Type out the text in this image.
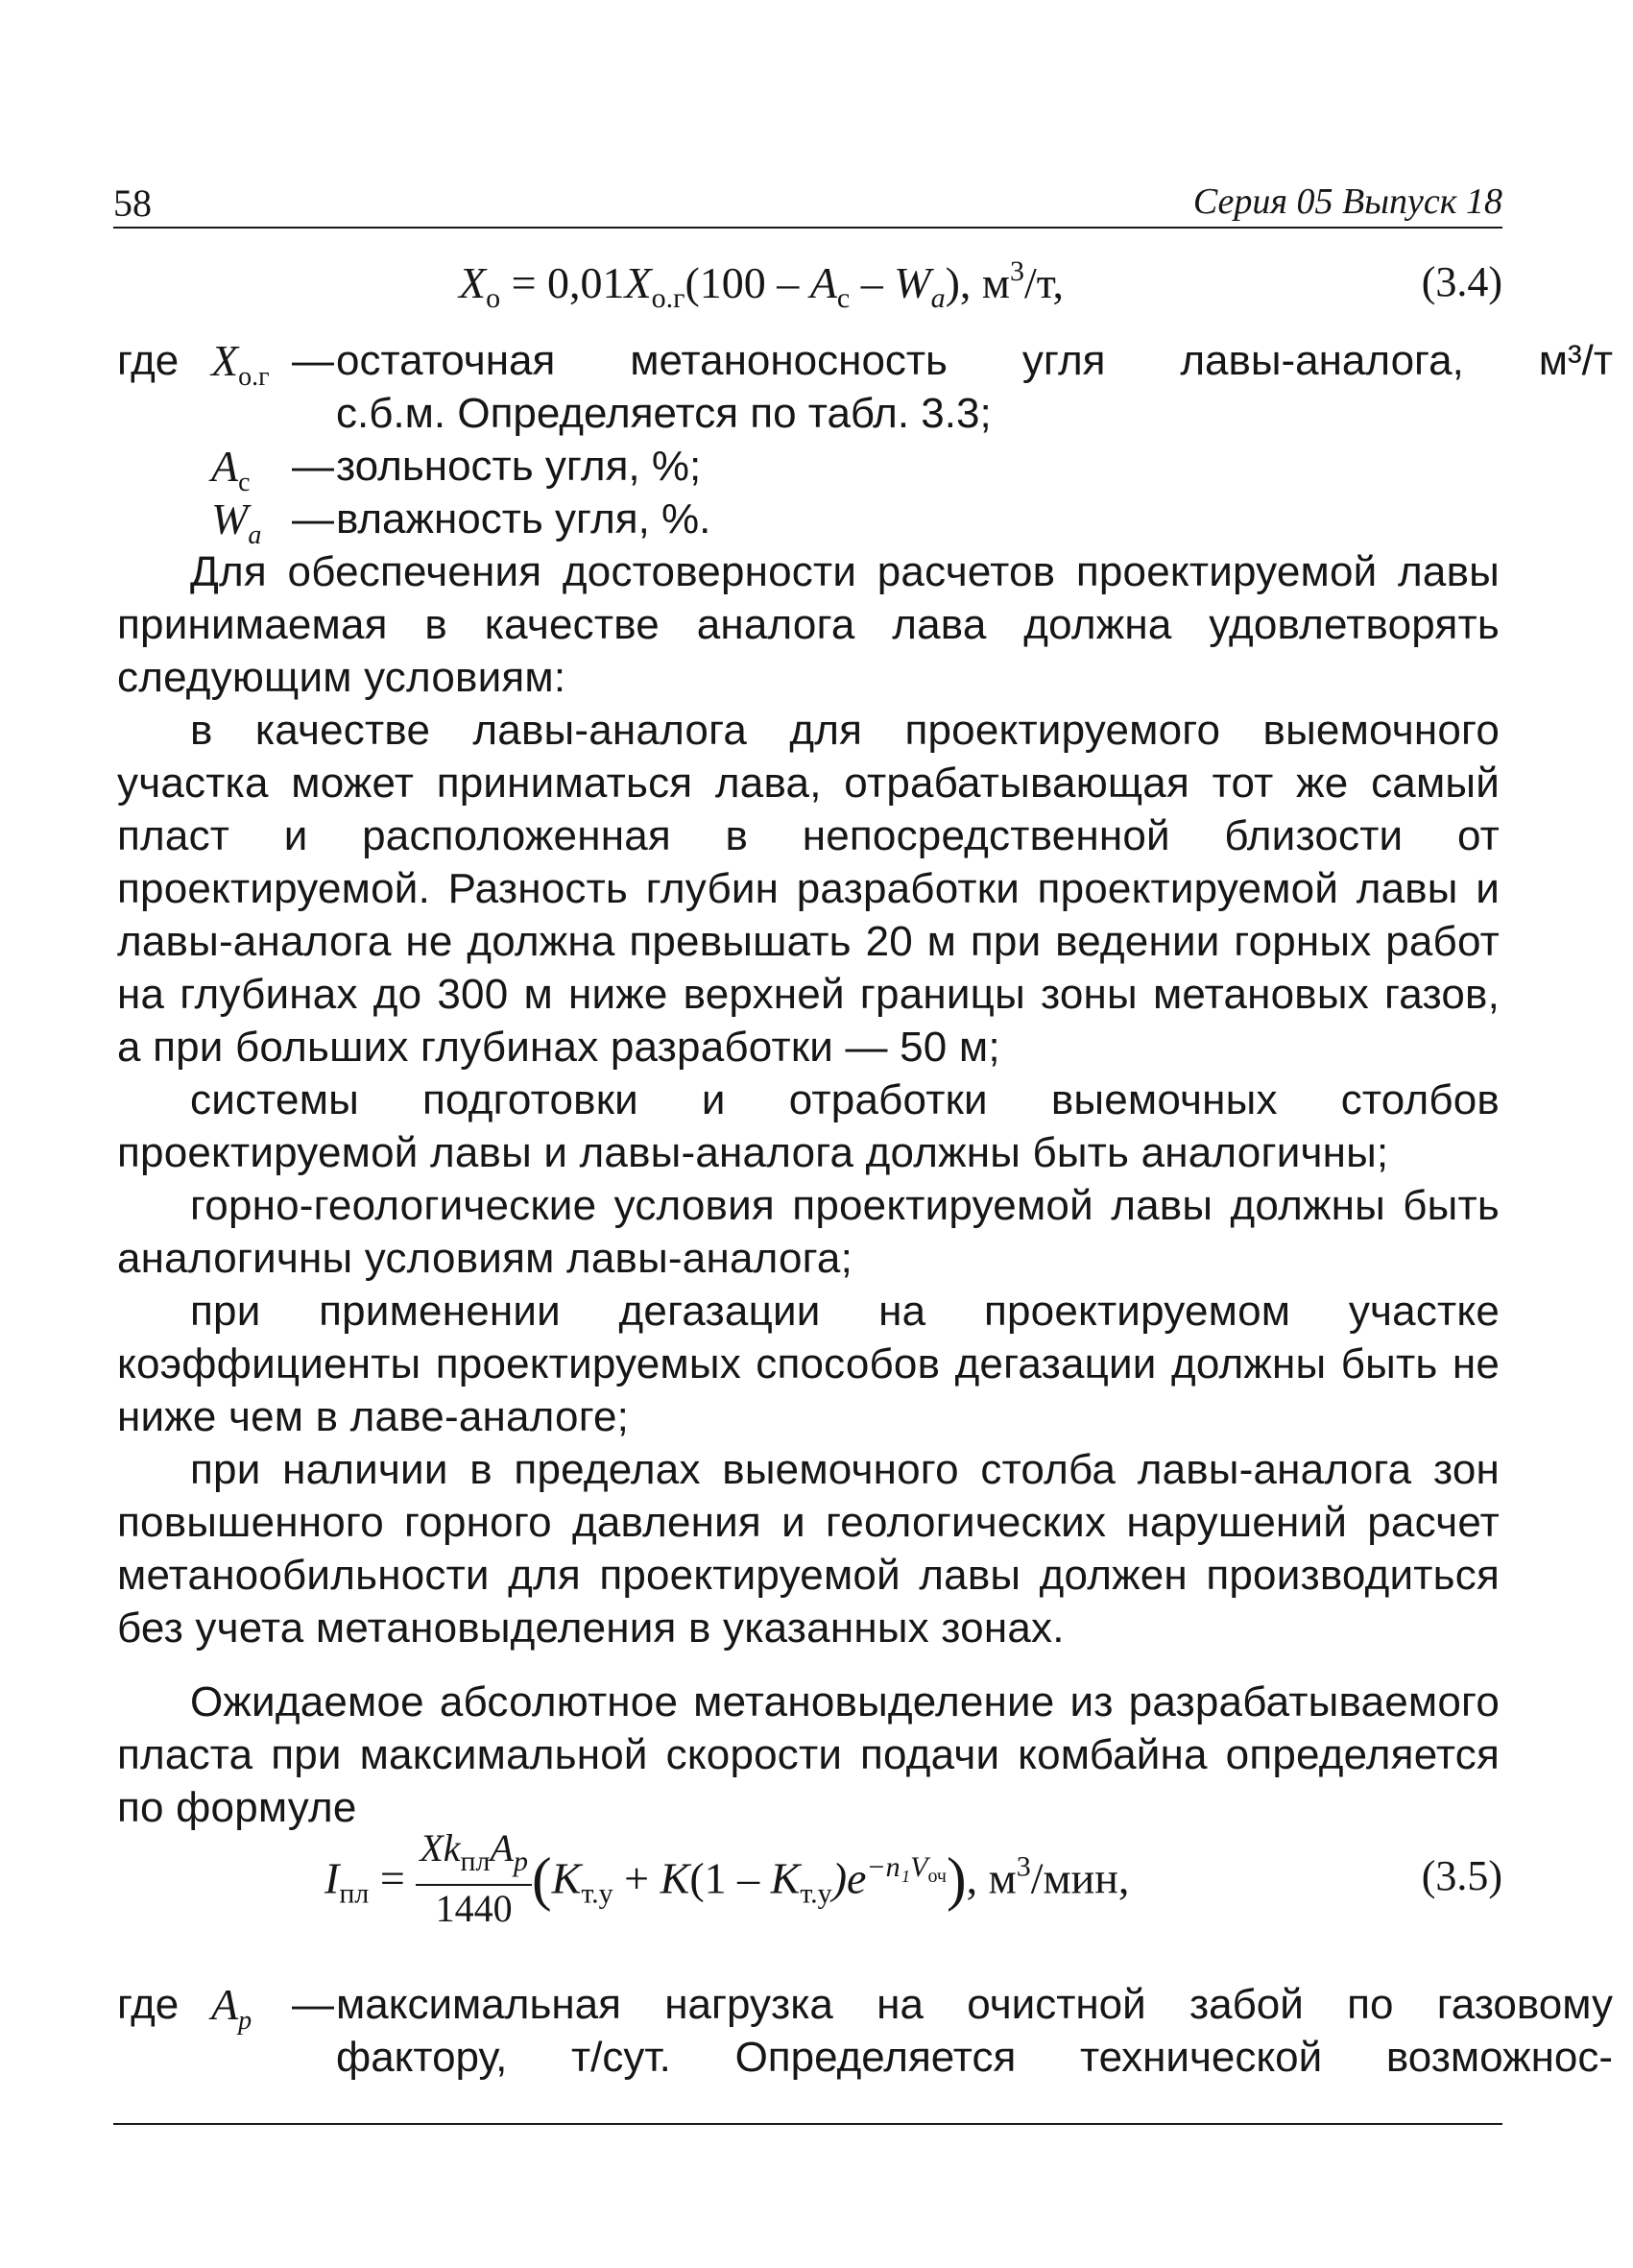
58	Серия 05 Выпуск 18
$X_о = 0,01X_{о.г}(100 - A_с - W_a)$, $м^3/т$,	(3.4)
где $X_{о.г}$ — остаточная метаноносность угля лавы-аналога, м³/т
с.б.м. Определяется по табл. 3.3;
$A_с$ — зольность угля, %;
$W_a$ — влажность угля, %.

Для обеспечения достоверности расчетов проектируемой лавы принимаемая в качестве аналога лава должна удовлетворять следующим условиям:

в качестве лавы-аналога для проектируемого выемочного участка может приниматься лава, отрабатывающая тот же самый пласт и расположенная в непосредственной близости от проектируемой. Разность глубин разработки проектируемой лавы и лавы-аналога не должна превышать 20 м при ведении горных работ на глубинах до 300 м ниже верхней границы зоны метановых газов, а при больших глубинах разработки — 50 м;

системы подготовки и отработки выемочных столбов проектируемой лавы и лавы-аналога должны быть аналогичны;

горно-геологические условия проектируемой лавы должны быть аналогичны условиям лавы-аналога;

при применении дегазации на проектируемом участке коэффициенты проектируемых способов дегазации должны быть не ниже чем в лаве-аналоге;

при наличии в пределах выемочного столба лавы-аналога зон повышенного горного давления и геологических нарушений расчет метанообильности для проектируемой лавы должен производиться без учета метановыделения в указанных зонах.

Ожидаемое абсолютное метановыделение из разрабатываемого пласта при максимальной скорости подачи комбайна определяется по формуле

$I_{пл} = \frac{Xk_{пл}A_p}{1440} (K_{т.у} + K(1 - K_{т.у})e^{-n_1V_{оч}})$, $м^3$/мин,	(3.5)
где $A_p$ — максимальная нагрузка на очистной забой по газовому
фактору, т/сут. Определяется технической возможнос-
